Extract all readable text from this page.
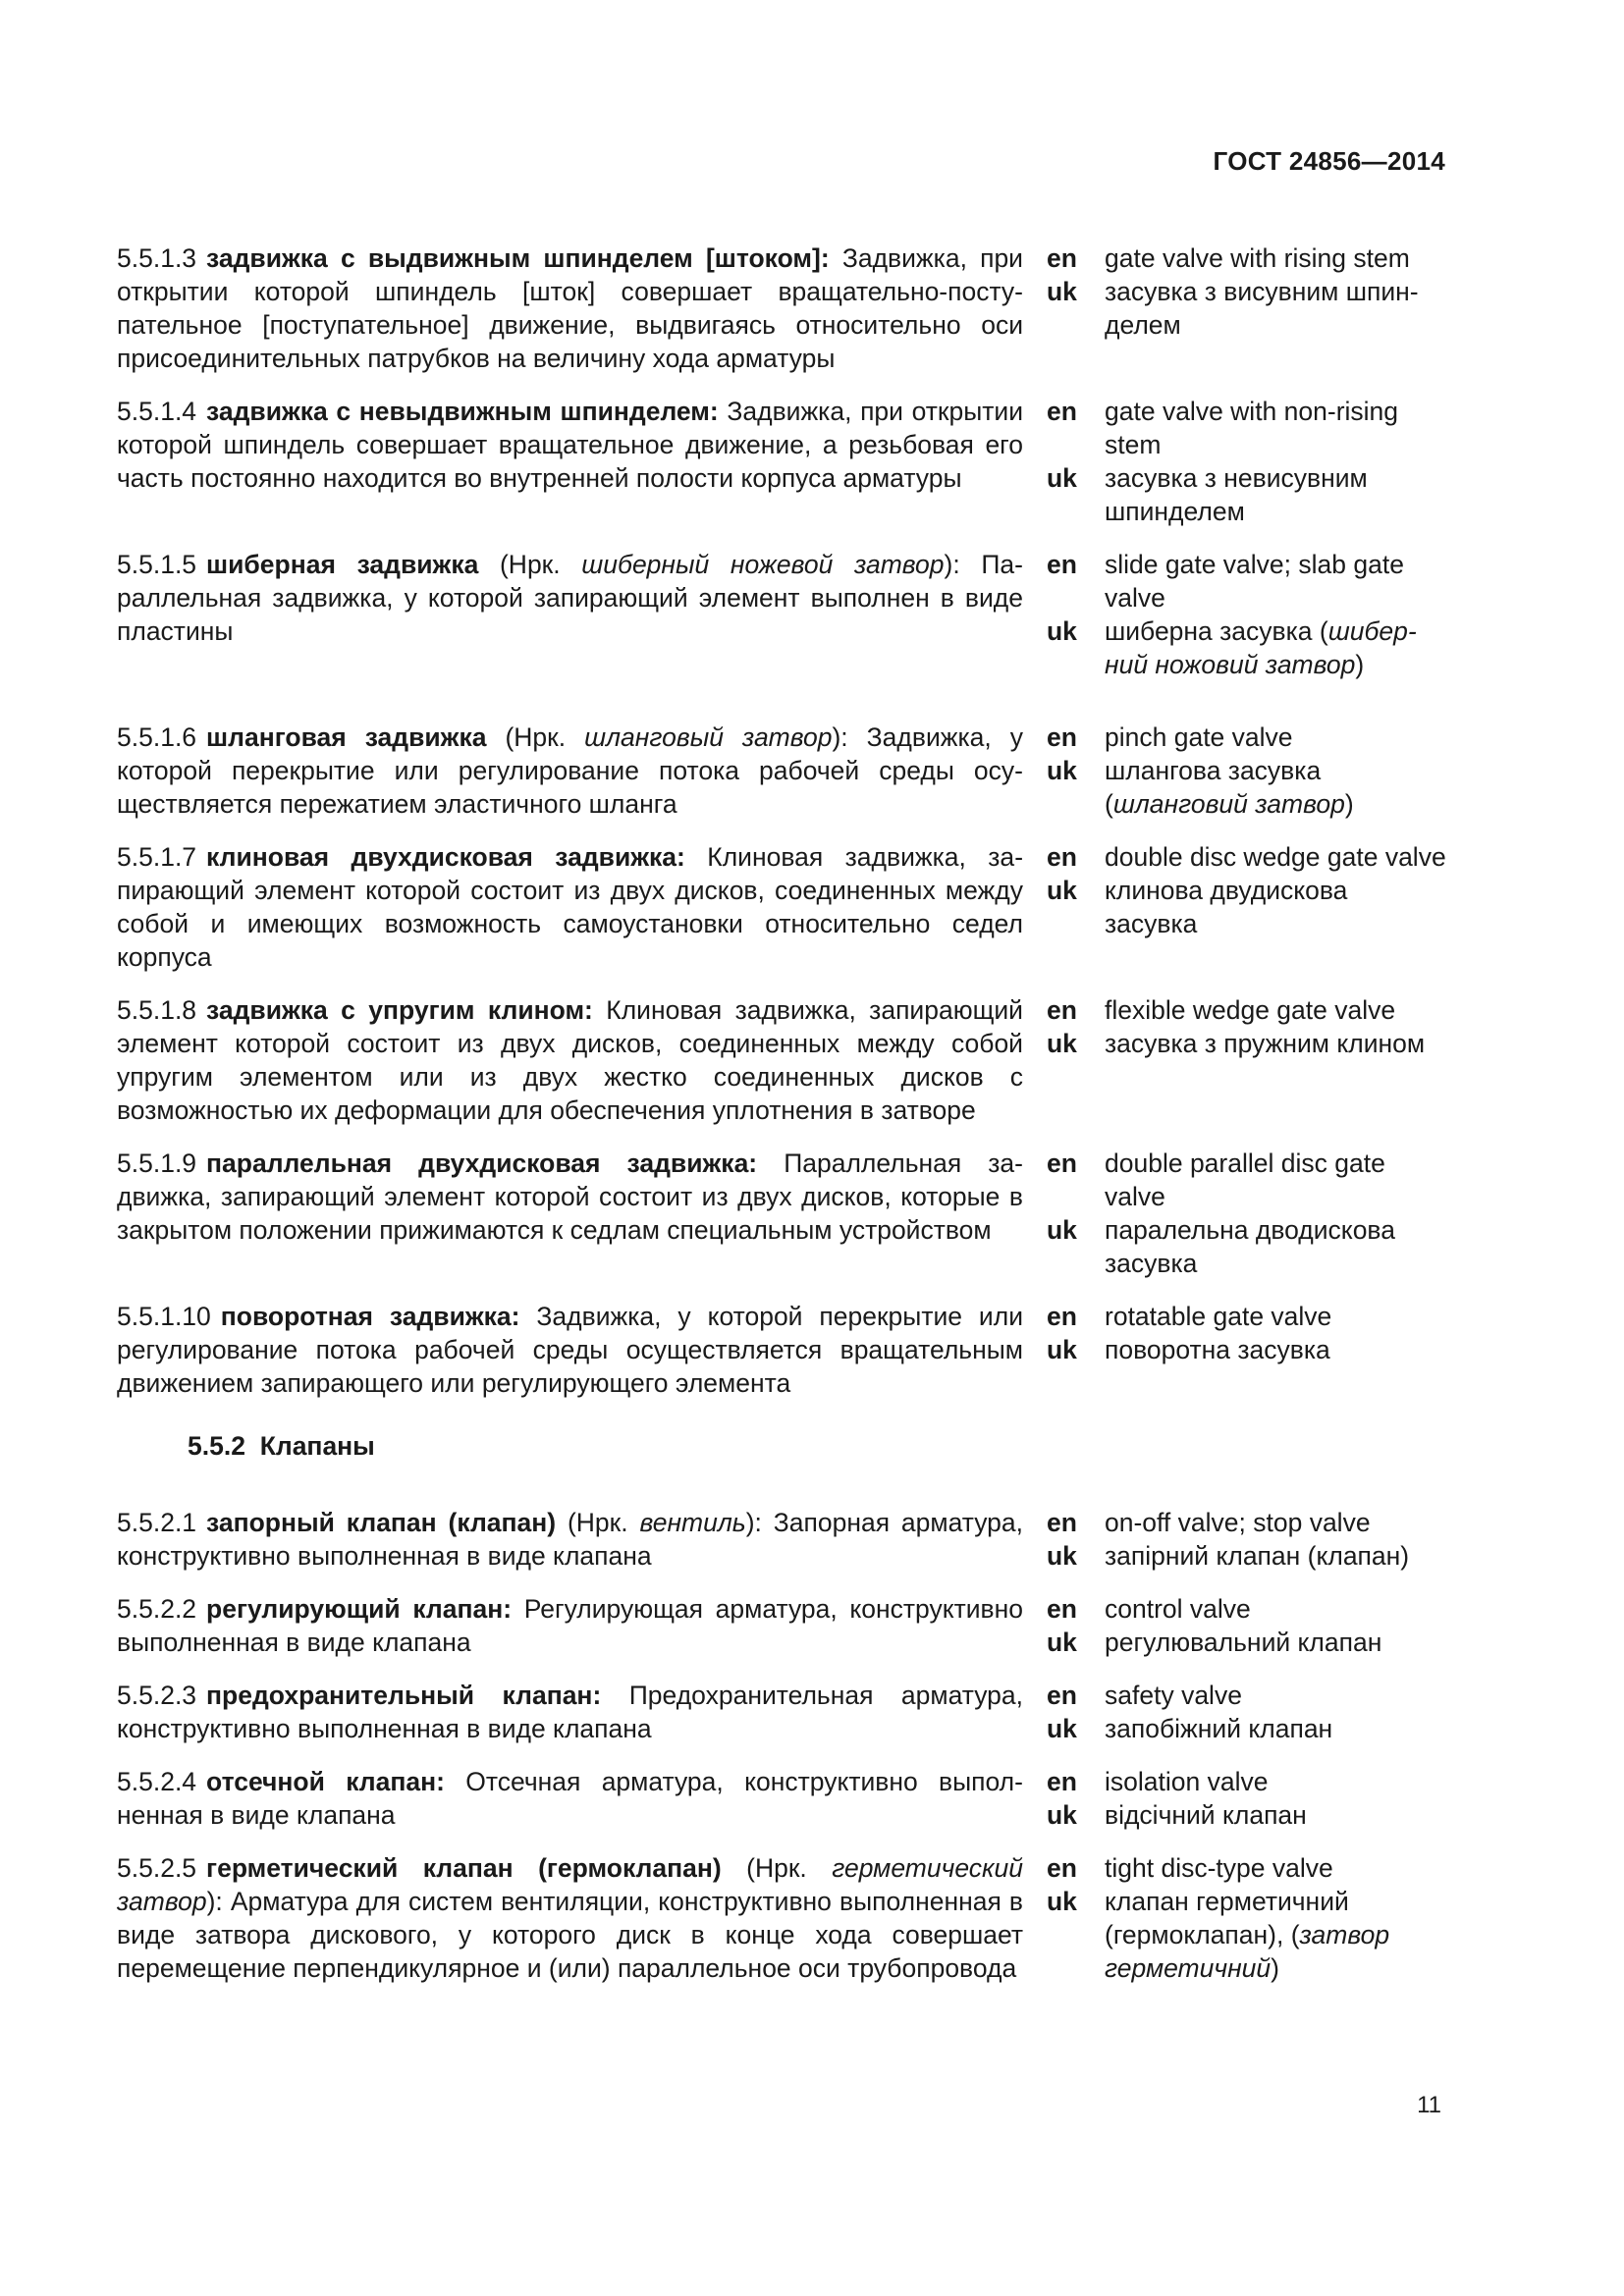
ГОСТ 24856—2014
5.5.1.3 задвижка с выдвижным шпинделем [штоком]: Задвижка, при открытии которой шпиндель [шток] совершает вращательно-поступательное [поступательное] движение, выдвигаясь относительно оси присоединительных патрубков на величину хода арматуры
en	gate valve with rising stem
uk	засувка з висувним шпинделем
5.5.1.4 задвижка с невыдвижным шпинделем: Задвижка, при открытии которой шпиндель совершает вращательное движение, а резьбовая его часть постоянно находится во внутренней полости корпуса арматуры
en	gate valve with non-rising stem
uk	засувка з невисувним шпинделем
5.5.1.5 шиберная задвижка (Нрк. шиберный ножевой затвор): Параллельная задвижка, у которой запирающий элемент выполнен в виде пластины
en	slide gate valve; slab gate valve
uk	шиберна засувка (шиберний ножовий затвор)
5.5.1.6 шланговая задвижка (Нрк. шланговый затвор): Задвижка, у которой перекрытие или регулирование потока рабочей среды осуществляется пережатием эластичного шланга
en	pinch gate valve
uk	шлангова засувка (шланговий затвор)
5.5.1.7 клиновая двухдисковая задвижка: Клиновая задвижка, запирающий элемент которой состоит из двух дисков, соединенных между собой и имеющих возможность самоустановки относительно седел корпуса
en	double disc wedge gate valve
uk	клинова двудискова засувка
5.5.1.8 задвижка с упругим клином: Клиновая задвижка, запирающий элемент которой состоит из двух дисков, соединенных между собой упругим элементом или из двух жестко соединенных дисков с возможностью их деформации для обеспечения уплотнения в затворе
en	flexible wedge gate valve
uk	засувка з пружним клином
5.5.1.9 параллельная двухдисковая задвижка: Параллельная задвижка, запирающий элемент которой состоит из двух дисков, которые в закрытом положении прижимаются к седлам специальным устройством
en	double parallel disc gate valve
uk	паралельна дводискова засувка
5.5.1.10 поворотная задвижка: Задвижка, у которой перекрытие или регулирование потока рабочей среды осуществляется вращательным движением запирающего или регулирующего элемента
en	rotatable gate valve
uk	поворотна засувка
5.5.2 Клапаны
5.5.2.1 запорный клапан (клапан) (Нрк. вентиль): Запорная арматура, конструктивно выполненная в виде клапана
en	on-off valve; stop valve
uk	запірний клапан (клапан)
5.5.2.2 регулирующий клапан: Регулирующая арматура, конструктивно выполненная в виде клапана
en	control valve
uk	регулювальний клапан
5.5.2.3 предохранительный клапан: Предохранительная арматура, конструктивно выполненная в виде клапана
en	safety valve
uk	запобіжний клапан
5.5.2.4 отсечной клапан: Отсечная арматура, конструктивно выполненная в виде клапана
en	isolation valve
uk	відсічний клапан
5.5.2.5 герметический клапан (гермоклапан) (Нрк. герметический затвор): Арматура для систем вентиляции, конструктивно выполненная в виде затвора дискового, у которого диск в конце хода совершает перемещение перпендикулярное и (или) параллельное оси трубопровода
en	tight disc-type valve
uk	клапан герметичний (гермоклапан), (затвор герметичний)
11
